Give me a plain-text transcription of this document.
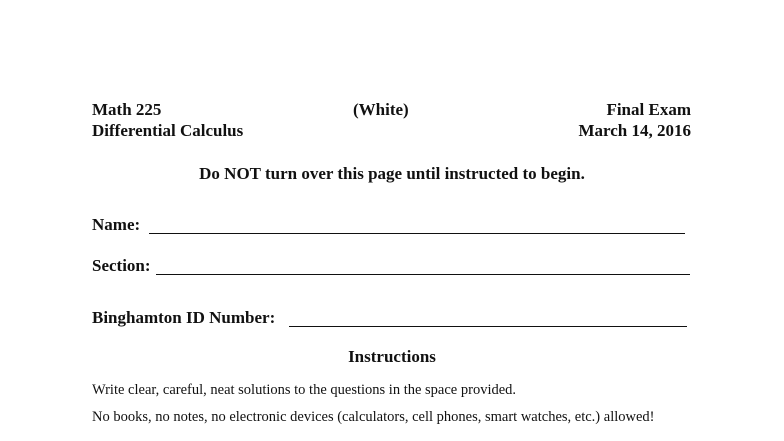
Math 225	(White)	Final Exam
Differential Calculus	March 14, 2016
Do NOT turn over this page until instructed to begin.
Name:
Section:
Binghamton ID Number:
Instructions
Write clear, careful, neat solutions to the questions in the space provided.
No books, no notes, no electronic devices (calculators, cell phones, smart watches, etc.) allowed!
